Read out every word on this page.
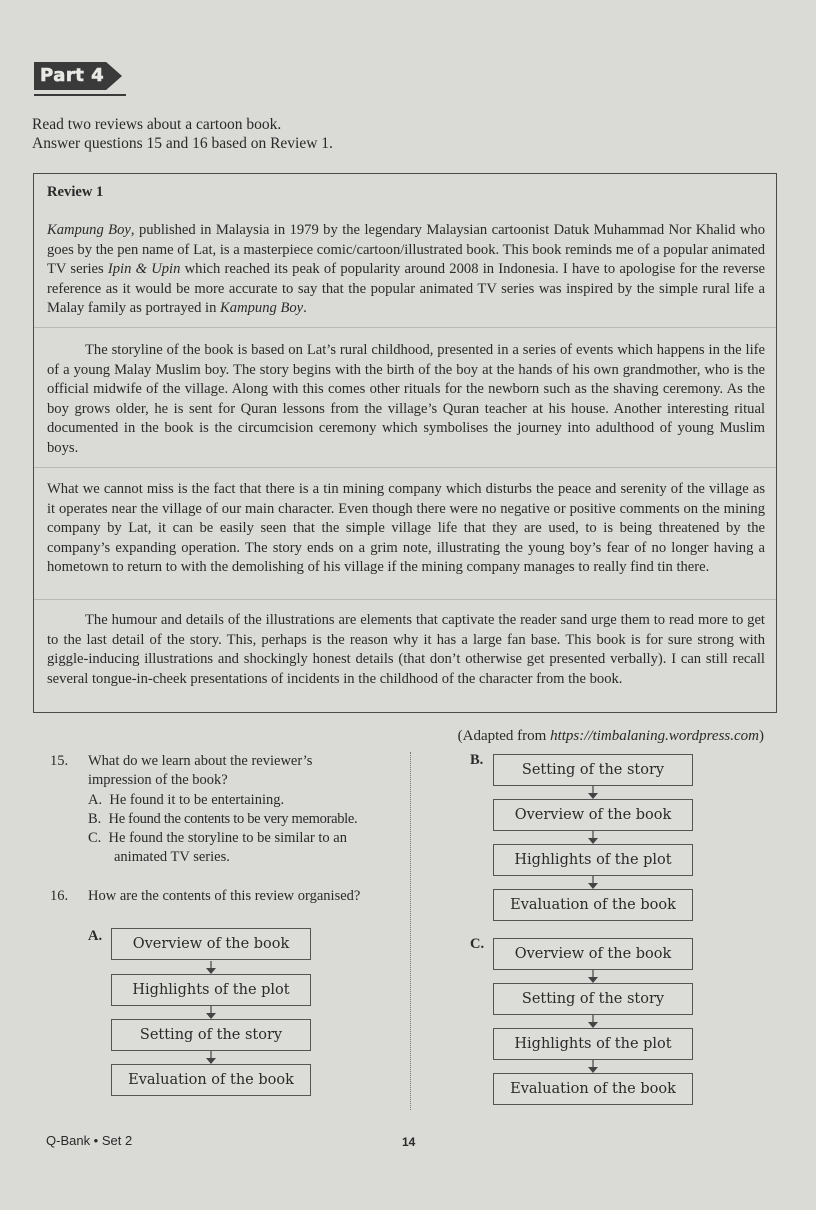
Part 4
Read two reviews about a cartoon book.
Answer questions 15 and 16 based on Review 1.
Review 1

Kampung Boy, published in Malaysia in 1979 by the legendary Malaysian cartoonist Datuk Muhammad Nor Khalid who goes by the pen name of Lat, is a masterpiece comic/cartoon/illustrated book. This book reminds me of a popular animated TV series Ipin & Upin which reached its peak of popularity around 2008 in Indonesia. I have to apologise for the reverse reference as it would be more accurate to say that the popular animated TV series was inspired by the simple rural life a Malay family as portrayed in Kampung Boy.

The storyline of the book is based on Lat’s rural childhood, presented in a series of events which happens in the life of a young Malay Muslim boy. The story begins with the birth of the boy at the hands of his own grandmother, who is the official midwife of the village. Along with this comes other rituals for the newborn such as the shaving ceremony. As the boy grows older, he is sent for Quran lessons from the village’s Quran teacher at his house. Another interesting ritual documented in the book is the circumcision ceremony which symbolises the journey into adulthood of young Muslim boys.

What we cannot miss is the fact that there is a tin mining company which disturbs the peace and serenity of the village as it operates near the village of our main character. Even though there were no negative or positive comments on the mining company by Lat, it can be easily seen that the simple village life that they are used, to is being threatened by the company’s expanding operation. The story ends on a grim note, illustrating the young boy’s fear of no longer having a hometown to return to with the demolishing of his village if the mining company manages to really find tin there.

The humour and details of the illustrations are elements that captivate the reader sand urge them to read more to get to the last detail of the story. This, perhaps is the reason why it has a large fan base. This book is for sure strong with giggle-inducing illustrations and shockingly honest details (that don’t otherwise get presented verbally). I can still recall several tongue-in-cheek presentations of incidents in the childhood of the character from the book.

(Adapted from https://timbalaning.wordpress.com)
15. What do we learn about the reviewer’s
impression of the book?
A. He found it to be entertaining.
B. He found the contents to be very memorable.
C. He found the storyline to be similar to an
animated TV series.
16. How are the contents of this review organised?
A.	Overview of the book
Highlights of the plot
Setting of the story
Evaluation of the book
B.
Setting of the story
Overview of the book
Highlights of the plot
Evaluation of the book
C.
Overview of the book
Setting of the story
Highlights of the plot
Evaluation of the book
Q-Bank • Set 2	14
